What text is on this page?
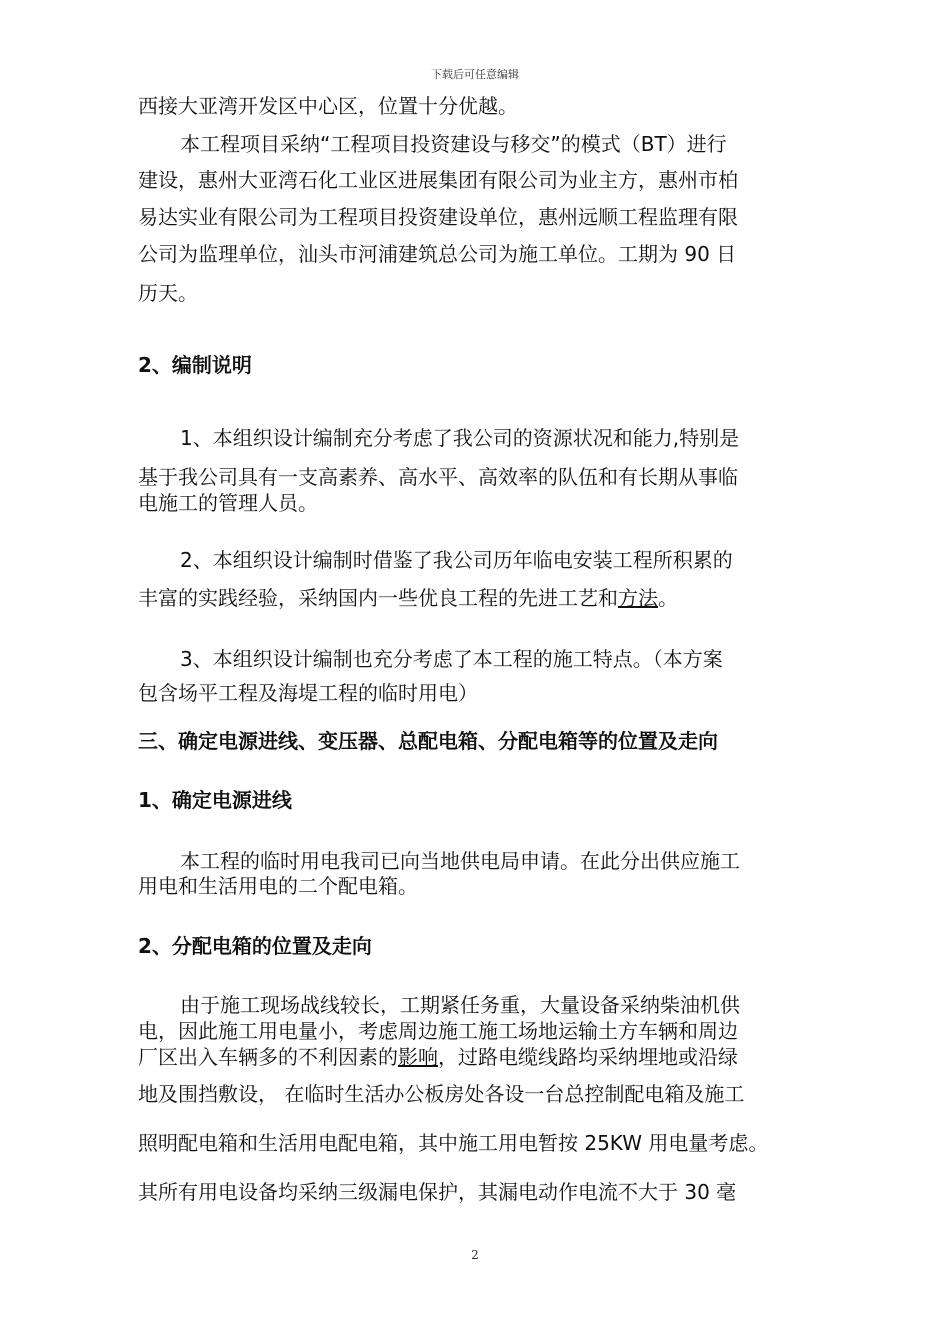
下载后可任意编辑
西接大亚湾开发区中心区，位置十分优越。
本工程项目采纳“工程项目投资建设与移交”的模式（BT）进行
建设，惠州大亚湾石化工业区进展集团有限公司为业主方，惠州市柏
易达实业有限公司为工程项目投资建设单位，惠州远顺工程监理有限
公司为监理单位，汕头市河浦建筑总公司为施工单位。工期为 90 日
历天。
2、编制说明
1、本组织设计编制充分考虑了我公司的资源状况和能力,特别是
基于我公司具有一支高素养、高水平、高效率的队伍和有长期从事临
电施工的管理人员。
2、本组织设计编制时借鉴了我公司历年临电安装工程所积累的
丰富的实践经验，采纳国内一些优良工程的先进工艺和方法。
3、本组织设计编制也充分考虑了本工程的施工特点。（本方案
包含场平工程及海堤工程的临时用电）
三、确定电源进线、变压器、总配电箱、分配电箱等的位置及走向
1、确定电源进线
本工程的临时用电我司已向当地供电局申请。在此分出供应施工
用电和生活用电的二个配电箱。
2、分配电箱的位置及走向
由于施工现场战线较长，工期紧任务重，大量设备采纳柴油机供
电，因此施工用电量小，考虑周边施工施工场地运输土方车辆和周边
厂区出入车辆多的不利因素的影响，过路电缆线路均采纳埋地或沿绿
地及围挡敷设， 在临时生活办公板房处各设一台总控制配电箱及施工
照明配电箱和生活用电配电箱，其中施工用电暂按 25KW 用电量考虑。
其所有用电设备均采纳三级漏电保护，其漏电动作电流不大于 30 毫
2
